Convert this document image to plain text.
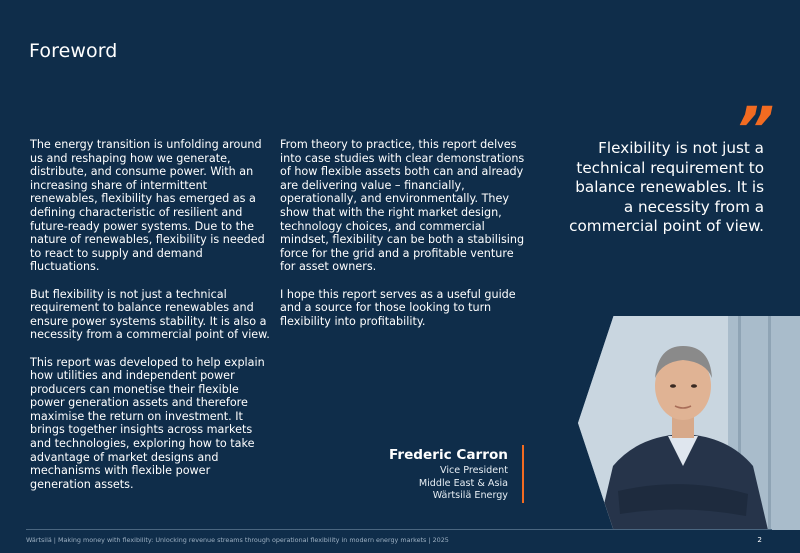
Foreword

The energy transition is unfolding around us and reshaping how we generate, distribute, and consume power. With an increasing share of intermittent renewables, flexibility has emerged as a defining characteristic of resilient and future-ready power systems. Due to the nature of renewables, flexibility is needed to react to supply and demand fluctuations.

But flexibility is not just a technical requirement to balance renewables and ensure power systems stability. It is also a necessity from a commercial point of view.

This report was developed to help explain how utilities and independent power producers can monetise their flexible power generation assets and therefore maximise the return on investment. It brings together insights across markets and technologies, exploring how to take advantage of market designs and mechanisms with flexible power generation assets.

From theory to practice, this report delves into case studies with clear demonstrations of how flexible assets both can and already are delivering value – financially, operationally, and environmentally. They show that with the right market design, technology choices, and commercial mindset, flexibility can be both a stabilising force for the grid and a profitable venture for asset owners.

I hope this report serves as a useful guide and a source for those looking to turn flexibility into profitability.

”
Flexibility is not just a technical requirement to balance renewables. It is a necessity from a commercial point of view.
Frederic Carron
Vice President
Middle East & Asia
Wärtsilä Energy
Wärtsilä | Making money with flexibility: Unlocking revenue streams through operational flexibility in modern energy markets | 2025	2
